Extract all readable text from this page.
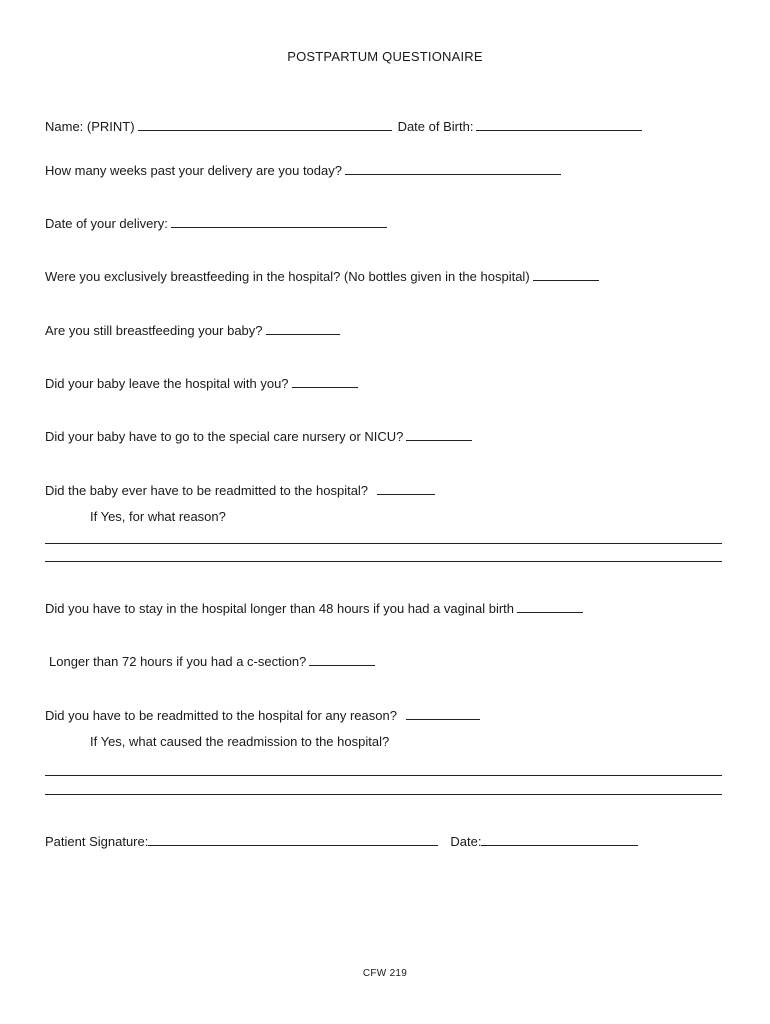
POSTPARTUM QUESTIONAIRE
Name: (PRINT)	Date of Birth:
How many weeks past your delivery are you today?
Date of your delivery:
Were you exclusively breastfeeding in the hospital? (No bottles given in the hospital)
Are you still breastfeeding your baby?
Did your baby leave the hospital with you?
Did your baby have to go to the special care nursery or NICU?
Did the baby ever have to be readmitted to the hospital?
If Yes, for what reason?
Did you have to stay in the hospital longer than 48 hours if you had a vaginal birth
Longer than 72 hours if you had a c-section?
Did you have to be readmitted to the hospital for any reason?
If Yes, what caused the readmission to the hospital?
Patient Signature:	Date:
CFW 219
